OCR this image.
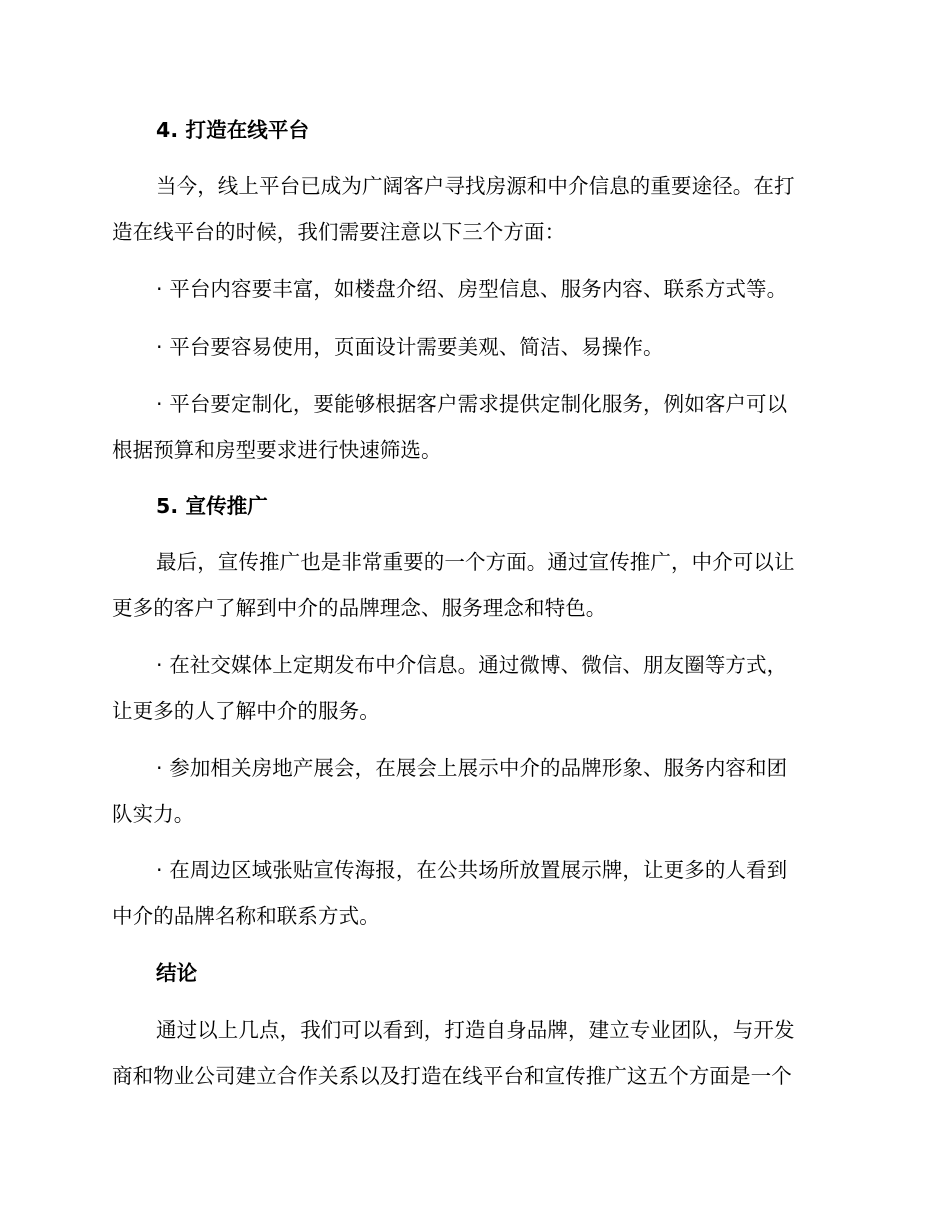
4. 打造在线平台
当今，线上平台已成为广阔客户寻找房源和中介信息的重要途径。在打
造在线平台的时候，我们需要注意以下三个方面：
· 平台内容要丰富，如楼盘介绍、房型信息、服务内容、联系方式等。
· 平台要容易使用，页面设计需要美观、简洁、易操作。
· 平台要定制化，要能够根据客户需求提供定制化服务，例如客户可以
根据预算和房型要求进行快速筛选。
5. 宣传推广
最后，宣传推广也是非常重要的一个方面。通过宣传推广，中介可以让
更多的客户了解到中介的品牌理念、服务理念和特色。
· 在社交媒体上定期发布中介信息。通过微博、微信、朋友圈等方式，
让更多的人了解中介的服务。
· 参加相关房地产展会，在展会上展示中介的品牌形象、服务内容和团
队实力。
· 在周边区域张贴宣传海报，在公共场所放置展示牌，让更多的人看到
中介的品牌名称和联系方式。
结论
通过以上几点，我们可以看到，打造自身品牌，建立专业团队，与开发
商和物业公司建立合作关系以及打造在线平台和宣传推广这五个方面是一个
